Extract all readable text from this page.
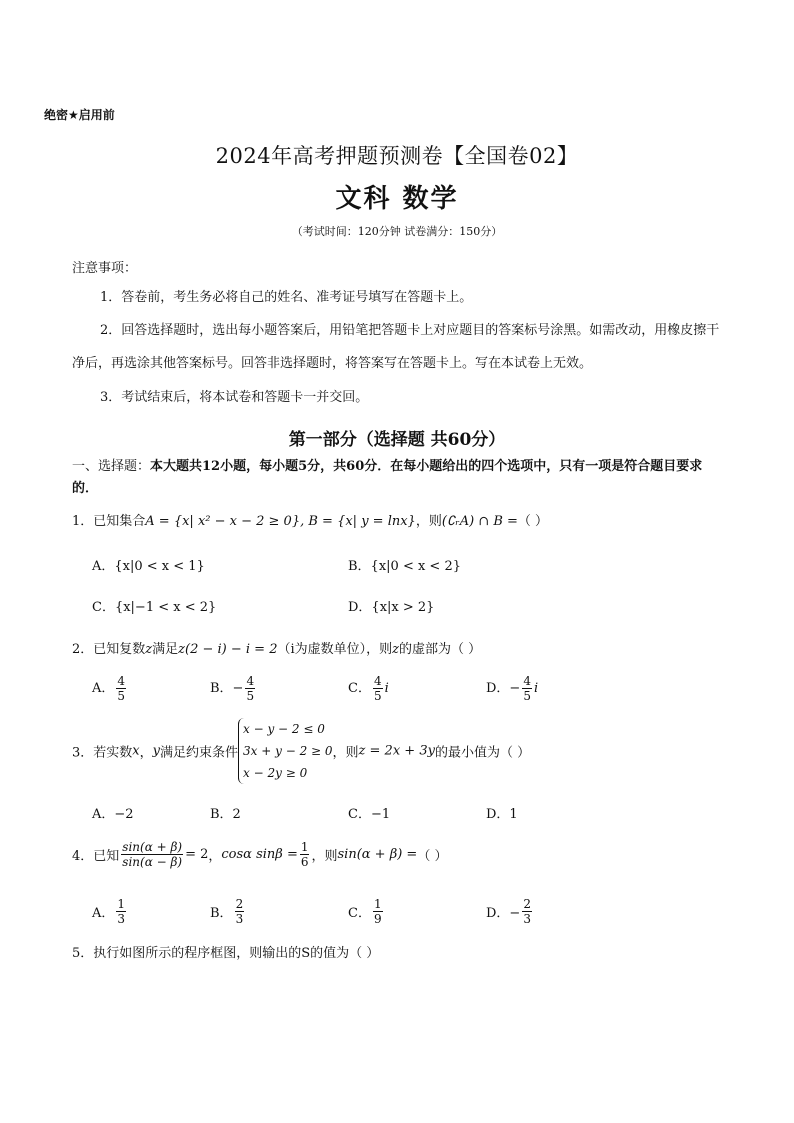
绝密★启用前
2024年高考押题预测卷【全国卷02】
文科 数学
（考试时间：120分钟 试卷满分：150分）
注意事项：
1．答卷前，考生务必将自己的姓名、准考证号填写在答题卡上。
2．回答选择题时，选出每小题答案后，用铅笔把答题卡上对应题目的答案标号涂黑。如需改动，用橡皮擦干净后，再选涂其他答案标号。回答非选择题时，将答案写在答题卡上。写在本试卷上无效。
3．考试结束后，将本试卷和答题卡一并交回。
第一部分（选择题 共60分）
一、选择题：本大题共12小题，每小题5分，共60分．在每小题给出的四个选项中，只有一项是符合题目要求的．
1．已知集合A = {x| x² − x − 2 ≥ 0}, B = {x| y = lnx}，则(∁ᵣA) ∩ B =（ ）
A．{x|0 < x < 1}	B．{x|0 < x < 2}
C．{x|−1 < x < 2}	D．{x|x > 2}
2．已知复数z满足z(2 − i) − i = 2（i为虚数单位），则z的虚部为（ ）
A． $\frac{4}{5}$	B．− $\frac{4}{5}$	C． $\frac{4}{5}$ i	D．− $\frac{4}{5}$ i
3．若实数x，y满足约束条件
x − y − 2 ≤ 0
3x + y − 2 ≥ 0
x − 2y ≥ 0
，则z = 2x + 3y的最小值为（ ）
A．−2	B．2	C．−1	D．1
4．已知 $\frac{\sin(\alpha + \beta)}{\sin(\alpha - \beta)} = 2$，cosα $\sin\beta = \frac{1}{6}$ ，则sin(α + β) =（ ）
A． $\frac{1}{3}$	B． $\frac{2}{3}$	C． $\frac{1}{9}$	D．− $\frac{2}{3}$
5．执行如图所示的程序框图，则输出的S的值为（ ）
